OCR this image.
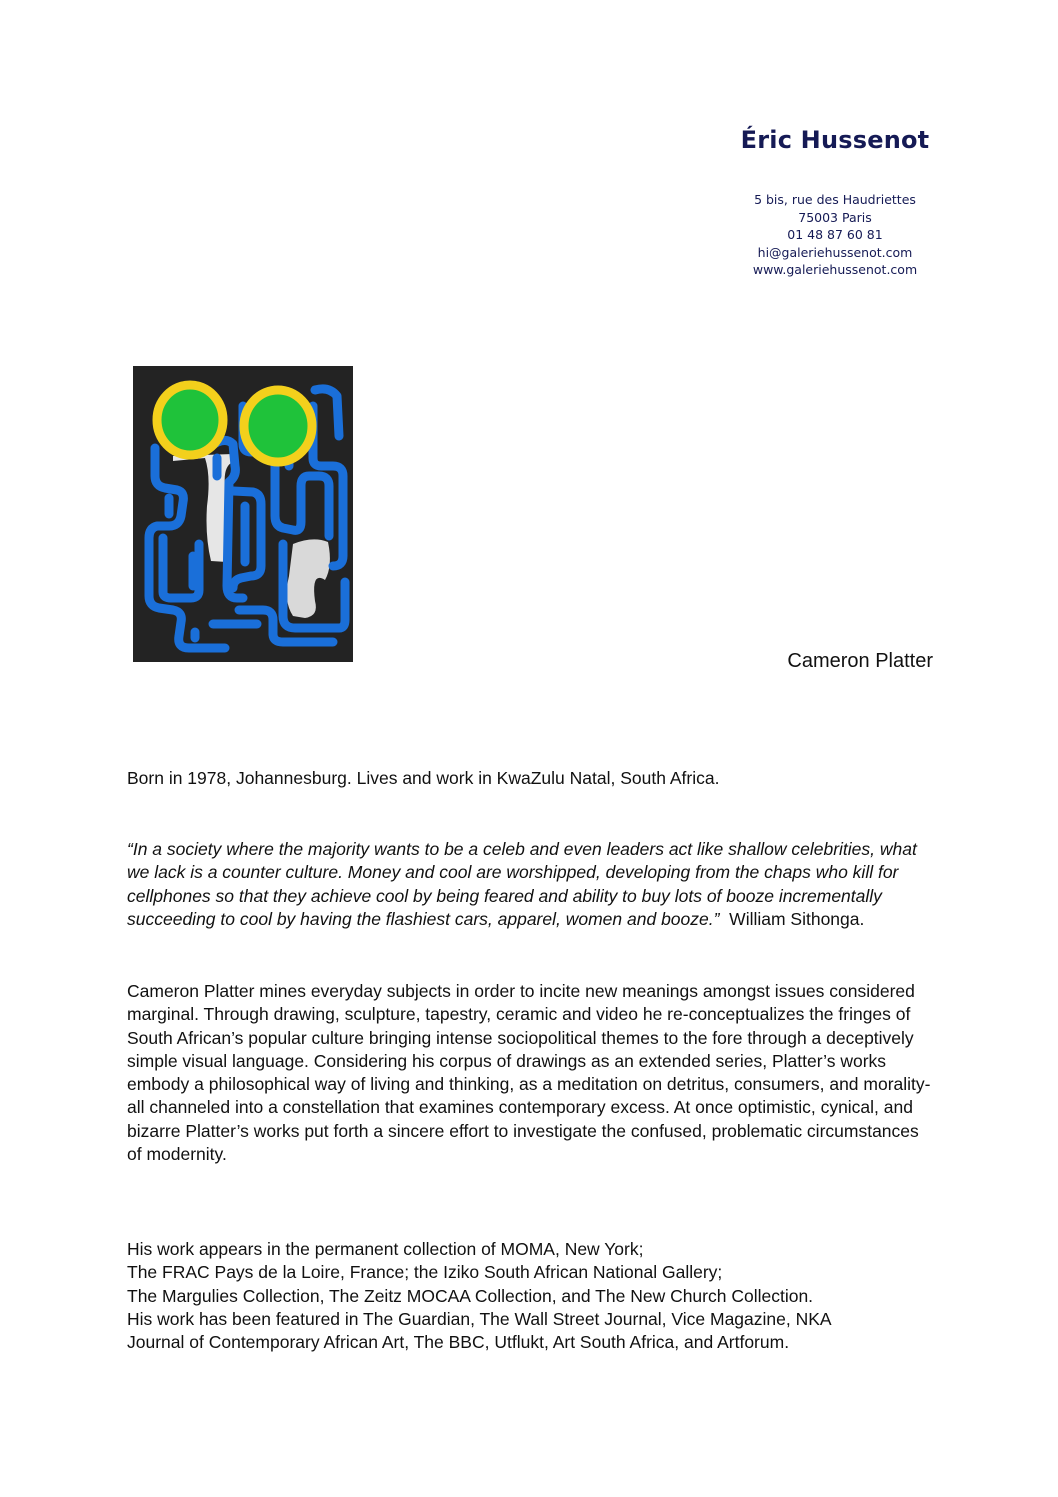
Éric Hussenot
5 bis, rue des Haudriettes
75003 Paris
01 48 87 60 81
hi@galeriehussenot.com
www.galeriehussenot.com
Cameron Platter
Born in 1978, Johannesburg. Lives and work in KwaZulu Natal, South Africa.
“In a society where the majority wants to be a celeb and even leaders act like shallow celebrities, what we lack is a counter culture. Money and cool are worshipped, developing from the chaps who kill for cellphones so that they achieve cool by being feared and ability to buy lots of booze incrementally succeeding to cool by having the flashiest cars, apparel, women and booze.” William Sithonga.
Cameron Platter mines everyday subjects in order to incite new meanings amongst issues considered marginal. Through drawing, sculpture, tapestry, ceramic and video he re-conceptualizes the fringes of South African’s popular culture bringing intense sociopolitical themes to the fore through a deceptively simple visual language. Considering his corpus of drawings as an extended series, Platter’s works embody a philosophical way of living and thinking, as a meditation on detritus, consumers, and morality-all channeled into a constellation that examines contemporary excess. At once optimistic, cynical, and bizarre Platter’s works put forth a sincere effort to investigate the confused, problematic circumstances of modernity.
His work appears in the permanent collection of MOMA, New York;
The FRAC Pays de la Loire, France; the Iziko South African National Gallery;
The Margulies Collection, The Zeitz MOCAA Collection, and The New Church Collection.
His work has been featured in The Guardian, The Wall Street Journal, Vice Magazine, NKA
Journal of Contemporary African Art, The BBC, Utflukt, Art South Africa, and Artforum.
